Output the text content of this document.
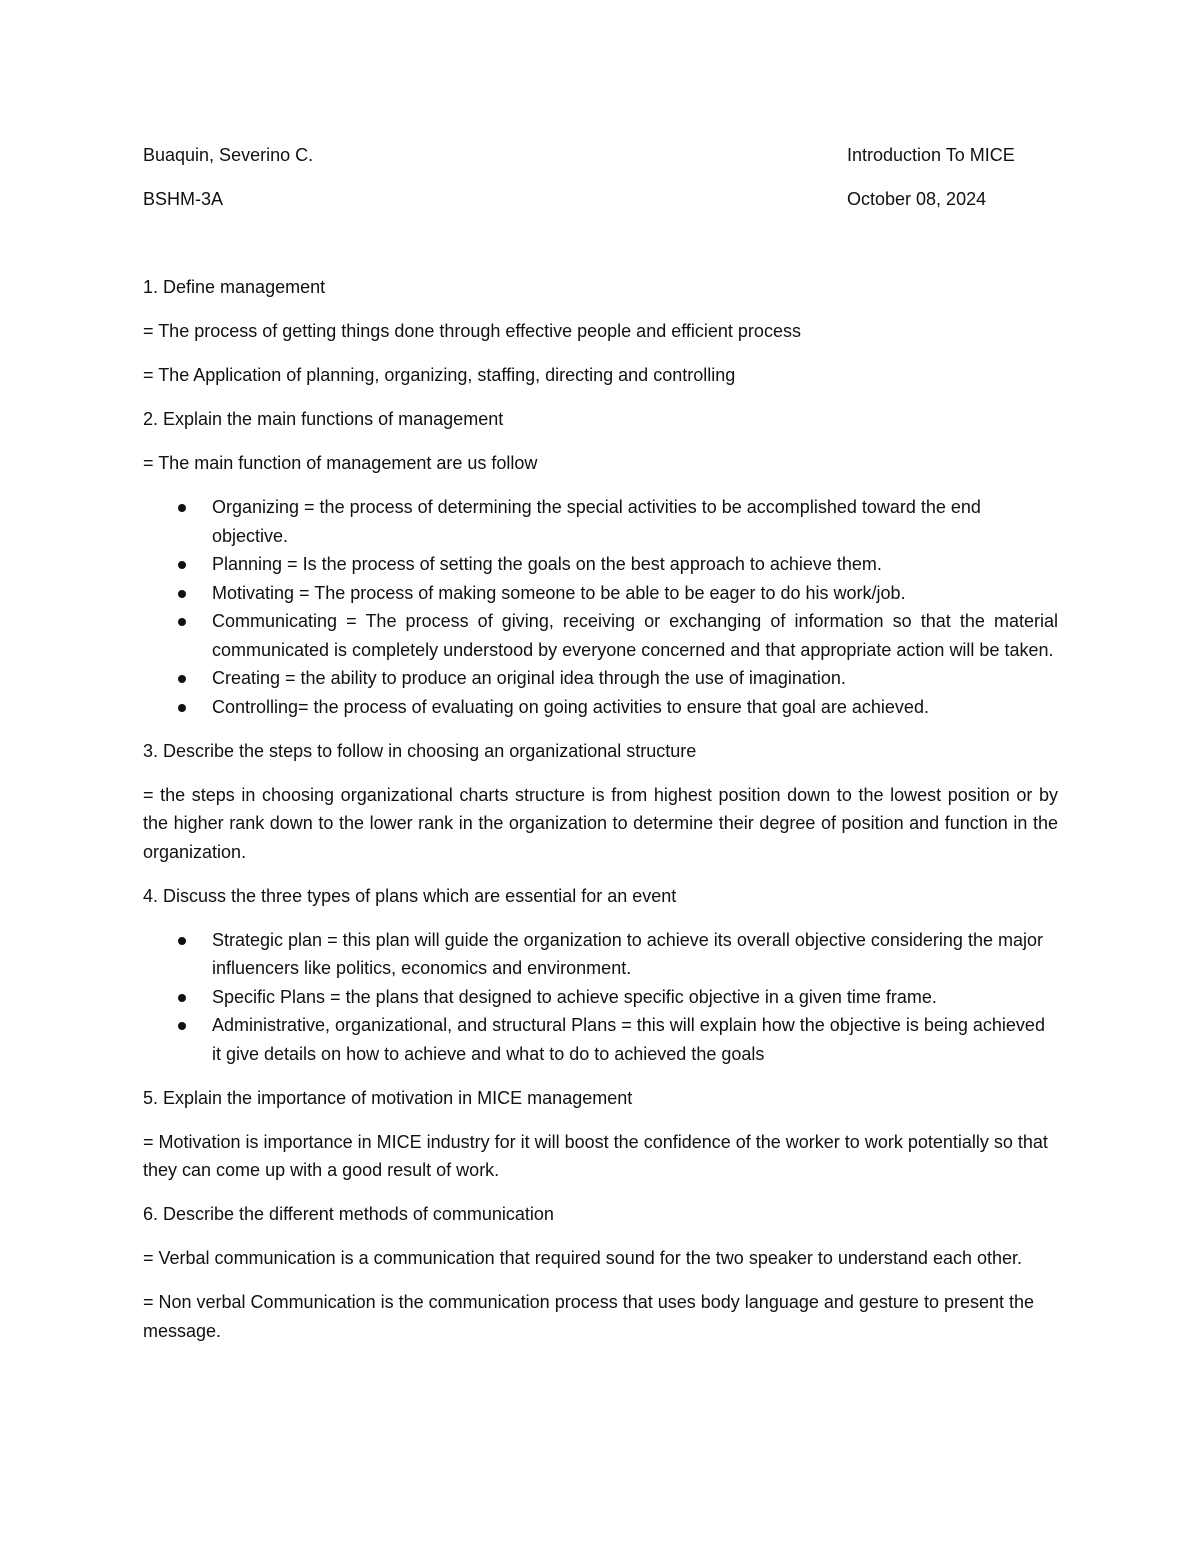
Buaquin, Severino C.	Introduction To MICE
BSHM-3A	October 08, 2024

1. Define management

= The process of getting things done through effective people and efficient process

= The Application of planning, organizing, staffing, directing and controlling

2. Explain the main functions of management

= The main function of management are us follow

Organizing = the process of determining the special activities to be accomplished toward the end objective.
Planning = Is the process of setting the goals on the best approach to achieve them.
Motivating = The process of making someone to be able to be eager to do his work/job.
Communicating = The process of giving, receiving or exchanging of information so that the material communicated is completely understood by everyone concerned and that appropriate action will be taken.
Creating = the ability to produce an original idea through the use of imagination.
Controlling= the process of evaluating on going activities to ensure that goal are achieved.

3. Describe the steps to follow in choosing an organizational structure

= the steps in choosing organizational charts structure is from highest position down to the lowest position or by the higher rank down to the lower rank in the organization to determine their degree of position and function in the organization.

4. Discuss the three types of plans which are essential for an event

Strategic plan = this plan will guide the organization to achieve its overall objective considering the major influencers like politics, economics and environment.
Specific Plans = the plans that designed to achieve specific objective in a given time frame.
Administrative, organizational, and structural Plans = this will explain how the objective is being achieved it give details on how to achieve and what to do to achieved the goals

5. Explain the importance of motivation in MICE management

= Motivation is importance in MICE industry for it will boost the confidence of the worker to work potentially so that they can come up with a good result of work.

6. Describe the different methods of communication

= Verbal communication is a communication that required sound for the two speaker to understand each other.

= Non verbal Communication is the communication process that uses body language and gesture to present the message.
